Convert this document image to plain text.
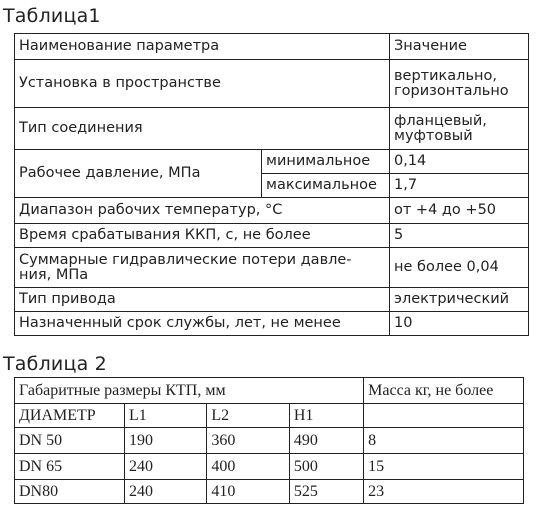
Таблица1
Наименование параметра		Значение
Установка в пространстве		вертикально,
горизонтально

Тип соединения		фланцевый,
муфтовый

Рабочее давление, МПа	минимальное	0,14
	максимальное	1,7
Диапазон рабочих температур, °С		от +4 до +50
Время срабатывания ККП, с, не более		5

Суммарные гидравлические потери давле-
ния, МПа		не более 0,04
Тип привода		электрический
Назначенный срок службы, лет, не менее		10
Таблица 2
Габаритные размеры КТП, мм				Масса кг, не более
ДИАМЕТР	L1	L2	H1	
DN 50	190	360	490	8
DN 65	240	400	500	15
DN80	240	410	525	23
